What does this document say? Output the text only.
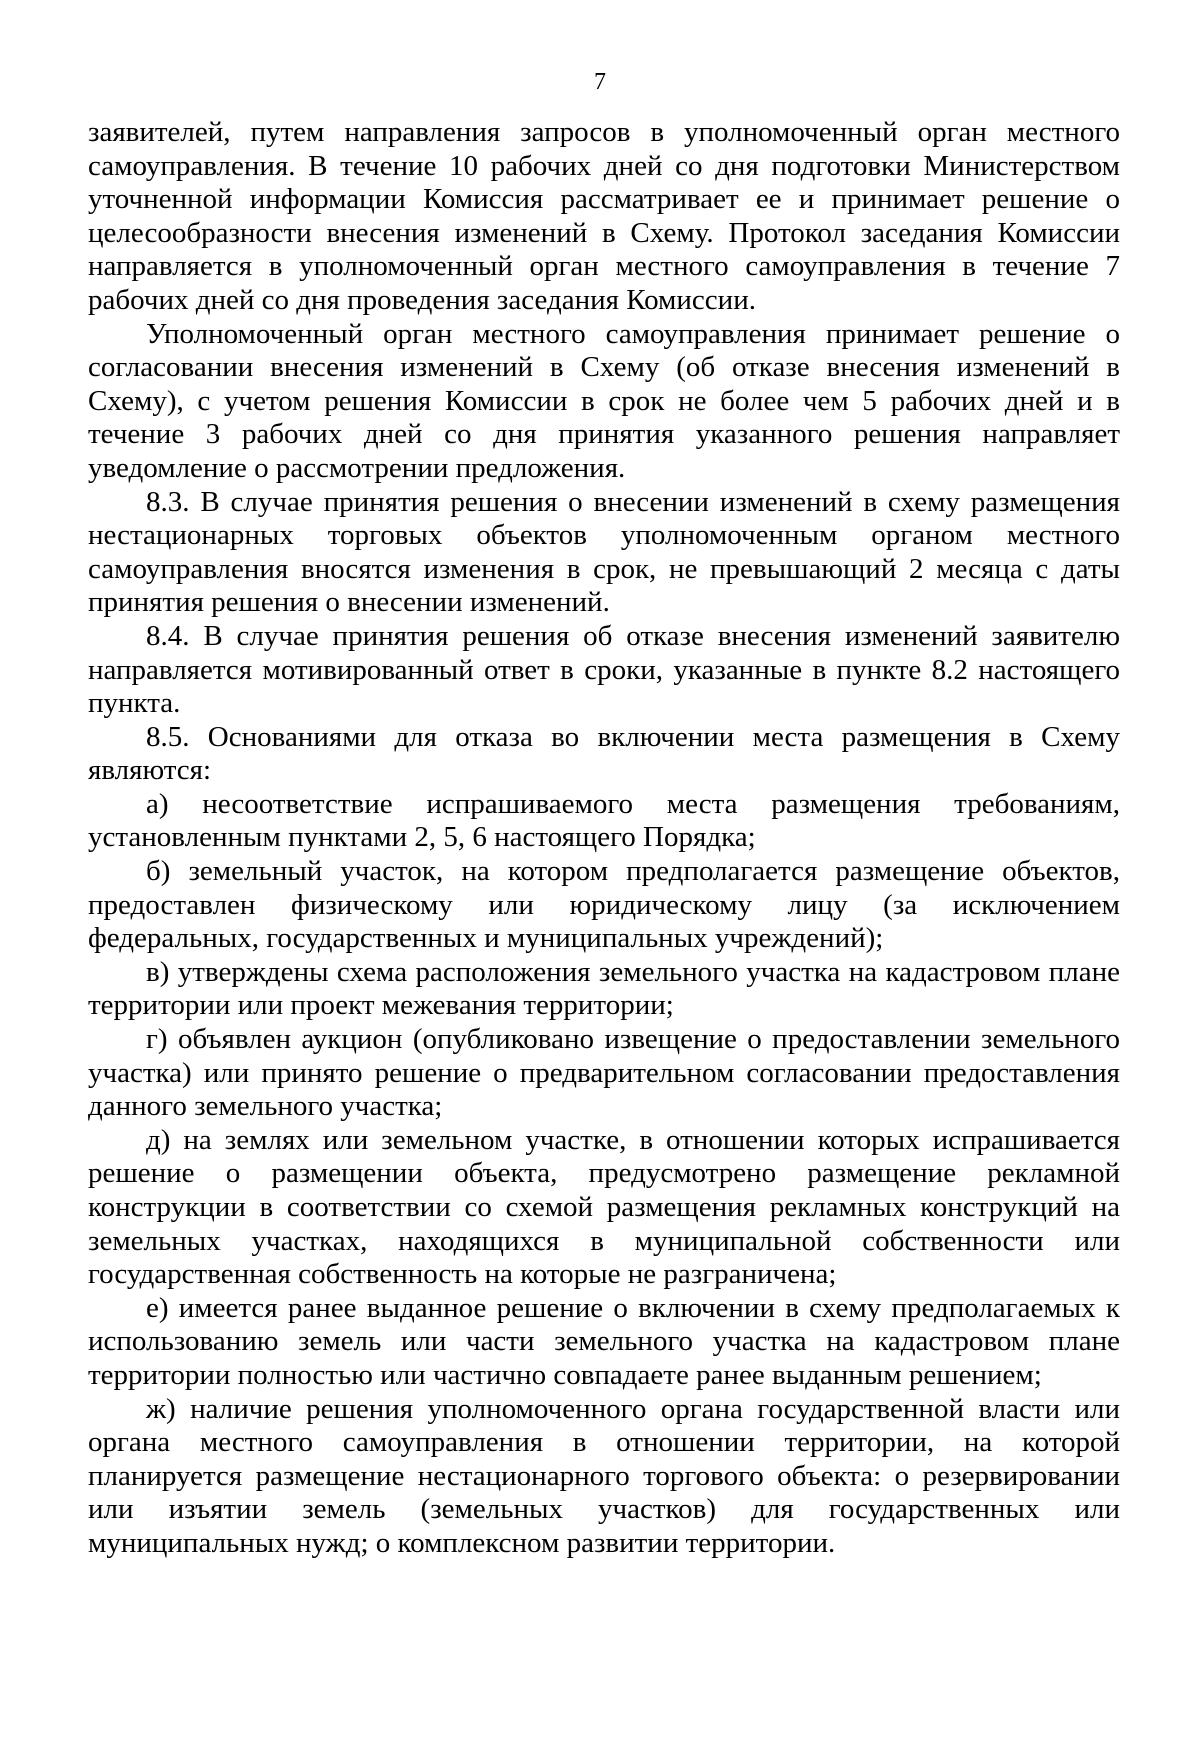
7

заявителей, путем направления запросов в уполномоченный орган местного самоуправления. В течение 10 рабочих дней со дня подготовки Министерством уточненной информации Комиссия рассматривает ее и принимает решение о целесообразности внесения изменений в Схему. Протокол заседания Комиссии направляется в уполномоченный орган местного самоуправления в течение 7 рабочих дней со дня проведения заседания Комиссии.

Уполномоченный орган местного самоуправления принимает решение о согласовании внесения изменений в Схему (об отказе внесения изменений в Схему), с учетом решения Комиссии в срок не более чем 5 рабочих дней и в течение 3 рабочих дней со дня принятия указанного решения направляет уведомление о рассмотрении предложения.

8.3. В случае принятия решения о внесении изменений в схему размещения нестационарных торговых объектов уполномоченным органом местного самоуправления вносятся изменения в срок, не превышающий 2 месяца с даты принятия решения о внесении изменений.

8.4. В случае принятия решения об отказе внесения изменений заявителю направляется мотивированный ответ в сроки, указанные в пункте 8.2 настоящего пункта.

8.5. Основаниями для отказа во включении места размещения в Схему являются:

а) несоответствие испрашиваемого места размещения требованиям, установленным пунктами 2, 5, 6 настоящего Порядка;

б) земельный участок, на котором предполагается размещение объектов, предоставлен физическому или юридическому лицу (за исключением федеральных, государственных и муниципальных учреждений);

в) утверждены схема расположения земельного участка на кадастровом плане территории или проект межевания территории;

г) объявлен аукцион (опубликовано извещение о предоставлении земельного участка) или принято решение о предварительном согласовании предоставления данного земельного участка;

д) на землях или земельном участке, в отношении которых испрашивается решение о размещении объекта, предусмотрено размещение рекламной конструкции в соответствии со схемой размещения рекламных конструкций на земельных участках, находящихся в муниципальной собственности или государственная собственность на которые не разграничена;

е) имеется ранее выданное решение о включении в схему предполагаемых к использованию земель или части земельного участка на кадастровом плане территории полностью или частично совпадаете ранее выданным решением;

ж) наличие решения уполномоченного органа государственной власти или органа местного самоуправления в отношении территории, на которой планируется размещение нестационарного торгового объекта: о резервировании или изъятии земель (земельных участков) для государственных или муниципальных нужд; о комплексном развитии территории.
